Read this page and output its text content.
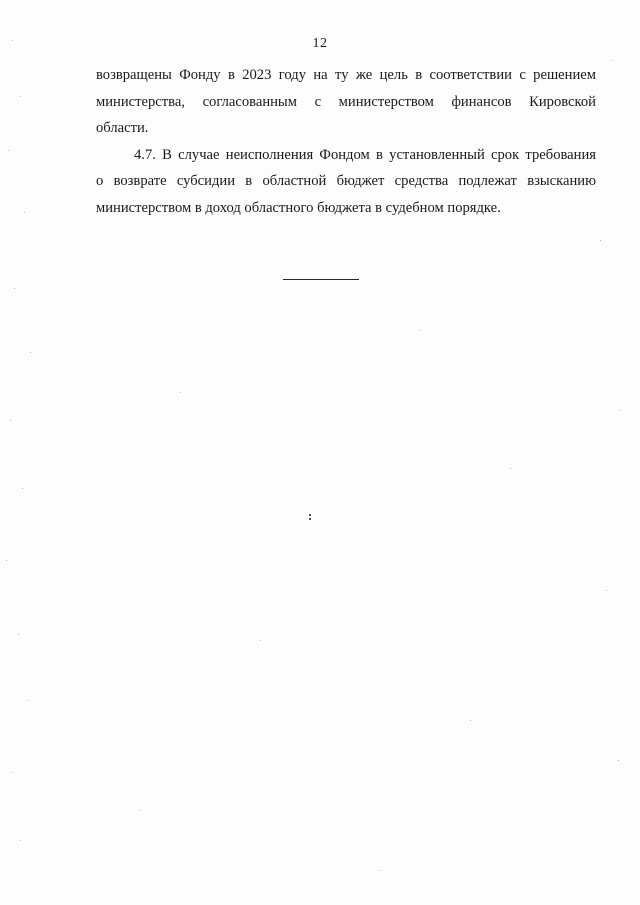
12

возвращены Фонду в 2023 году на ту же цель в соответствии с решением
министерства, согласованным с министерством финансов Кировской
области.

4.7. В случае неисполнения Фондом в установленный срок требования
о возврате субсидии в областной бюджет средства подлежат взысканию
министерством в доход областного бюджета в судебном порядке.
